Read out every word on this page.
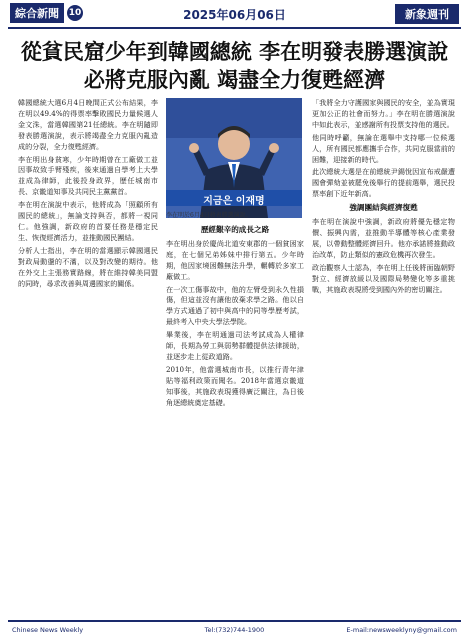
綜合新聞	10	2025年06月06日	新象週刊
從貧民窟少年到韓國總統 李在明發表勝選演說
必將克服內亂 竭盡全力復甦經濟

韓國總統大選6月4日晚間正式公布結果，李在明以49.4%的得票率擊敗國民力量候選人金文洙，當選韓國第21任總統。李在明隨即發表勝選演說，表示將竭盡全力克服內亂造成的分裂，全力復甦經濟。

李在明出身貧寒，少年時期曾在工廠做工並因事故致手臂殘疾，後來通過自學考上大學並成為律師，此後投身政界，歷任城南市長、京畿道知事及共同民主黨黨首。

李在明在演說中表示，他將成為「照顧所有國民的總統」，無論支持與否，都將一視同仁。他強調，新政府的首要任務是穩定民生、恢復經濟活力，並推動國民團結。

分析人士指出，李在明的當選顯示韓國選民對政局動盪的不滿，以及對改變的期待。他在外交上主張務實路線，將在維持韓美同盟的同時，尋求改善與周邊國家的關係。

지금은 이재명
李在明於6月4日發表勝選演說。
歷經艱辛的成長之路

李在明出身於慶尚北道安東郡的一個貧困家庭，在七個兄弟姊妹中排行第五。少年時期，他因家境困難無法升學，輾轉於多家工廠做工。

在一次工傷事故中，他的左臂受到永久性損傷，但這並沒有讓他放棄求學之路。他以自學方式通過了初中與高中的同等學歷考試，最終考入中央大學法學院。

畢業後，李在明通過司法考試成為人權律師，長期為勞工與弱勢群體提供法律援助，並逐步走上從政道路。

2010年，他當選城南市長，以推行青年津貼等福利政策而聞名。2018年當選京畿道知事後，其施政表現獲得廣泛關注，為日後角逐總統奠定基礎。

「我將全力守護國家與國民的安全，並為實現更加公正的社會而努力。」李在明在勝選演說中如此表示，並感謝所有投票支持他的選民。

他同時呼籲，無論在選舉中支持哪一位候選人，所有國民都應攜手合作，共同克服當前的困難，迎接新的時代。

此次總統大選是在前總統尹錫悅因宣布戒嚴遭國會彈劾並被罷免後舉行的提前選舉，選民投票率創下近年新高。

強調團結與經濟復甦

李在明在演說中強調，新政府將優先穩定物價、振興內需，並推動半導體等核心產業發展，以帶動整體經濟回升。他亦承諾將推動政治改革，防止類似的憲政危機再次發生。

政治觀察人士認為，李在明上任後將面臨朝野對立、經濟放緩以及國際局勢變化等多重挑戰，其施政表現將受到國內外的密切關注。

Chinese News Weekly	Tel:(732)744-1900	E-mail:newsweeklyny@gmail.com
